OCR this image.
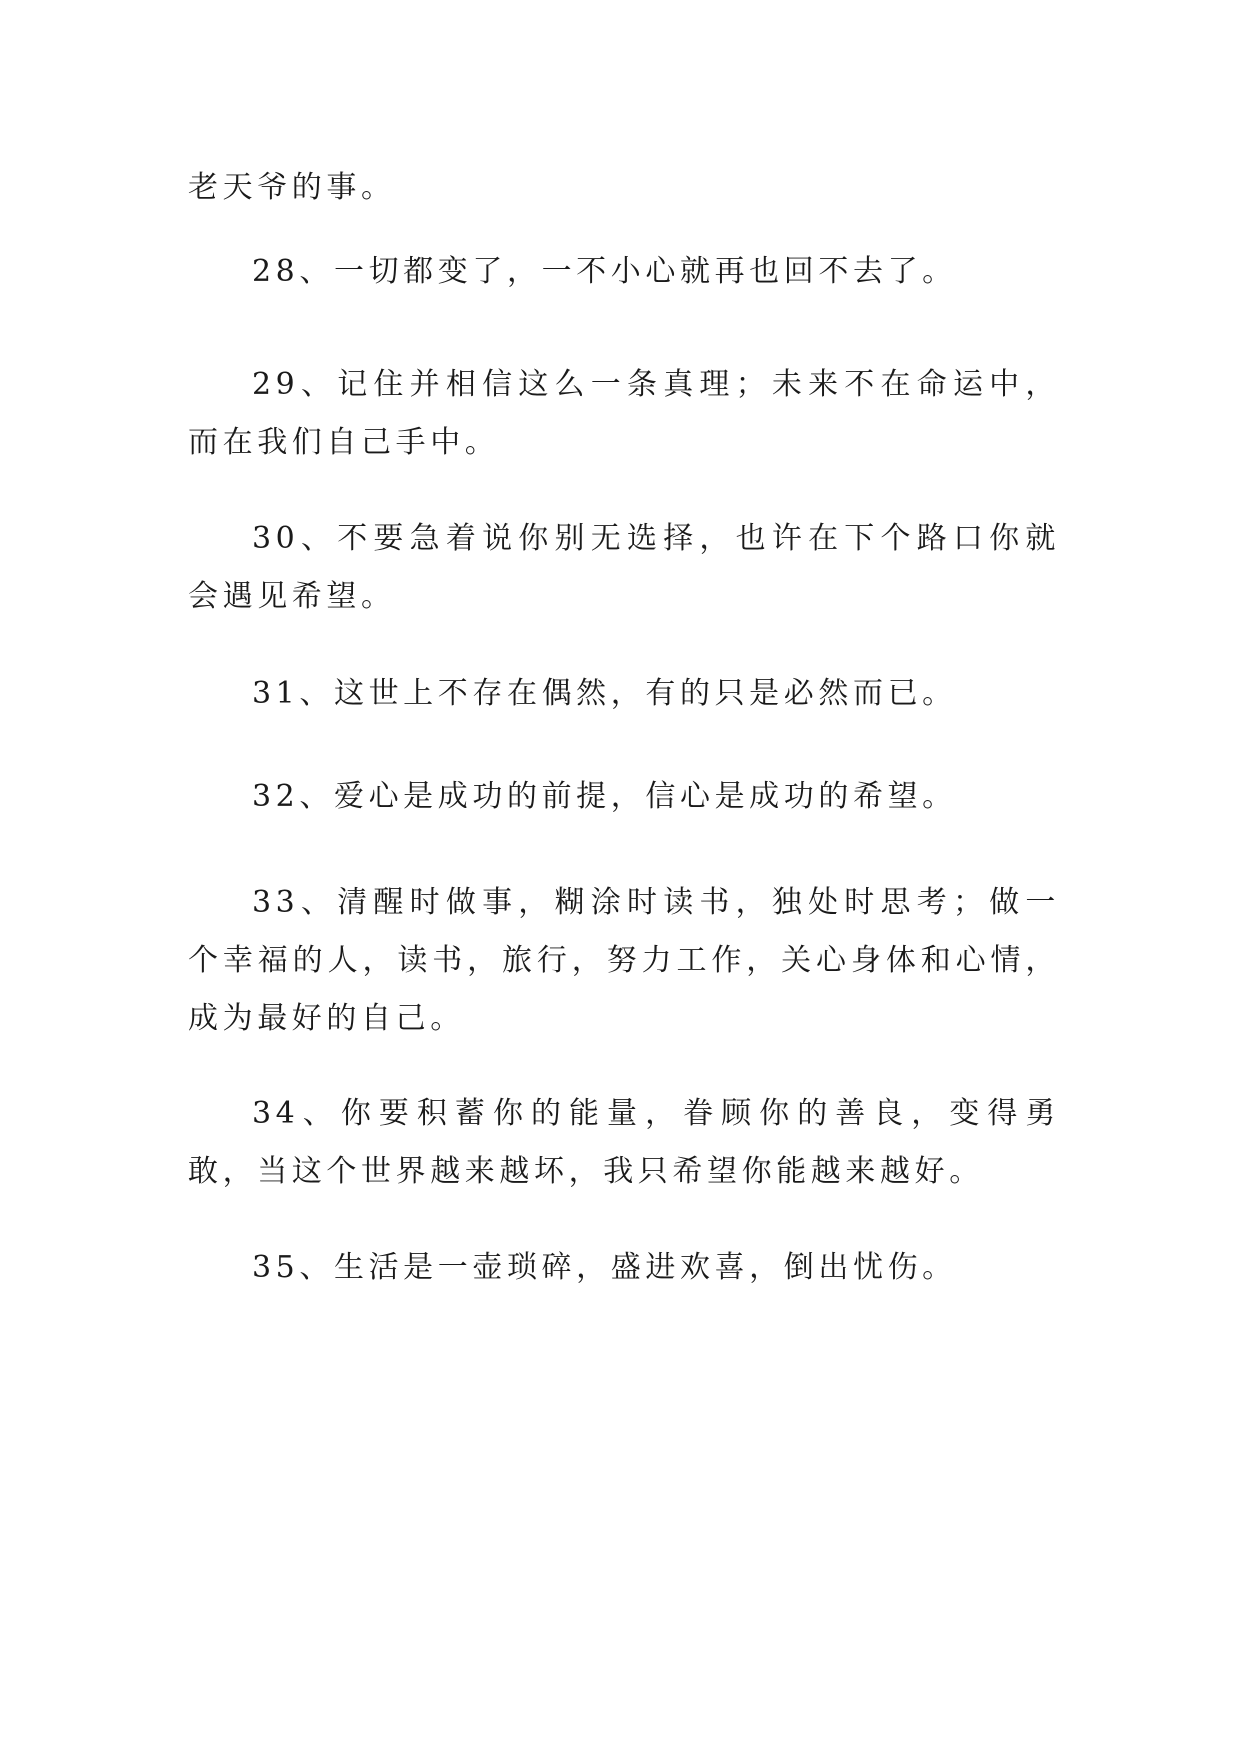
老天爷的事。

28、一切都变了，一不小心就再也回不去了。

29、记住并相信这么一条真理；未来不在命运中，而在我们自己手中。

30、不要急着说你别无选择，也许在下个路口你就会遇见希望。

31、这世上不存在偶然，有的只是必然而已。

32、爱心是成功的前提，信心是成功的希望。

33、清醒时做事，糊涂时读书，独处时思考；做一个幸福的人，读书，旅行，努力工作，关心身体和心情，成为最好的自己。

34、你要积蓄你的能量，眷顾你的善良，变得勇敢，当这个世界越来越坏，我只希望你能越来越好。

35、生活是一壶琐碎，盛进欢喜，倒出忧伤。
